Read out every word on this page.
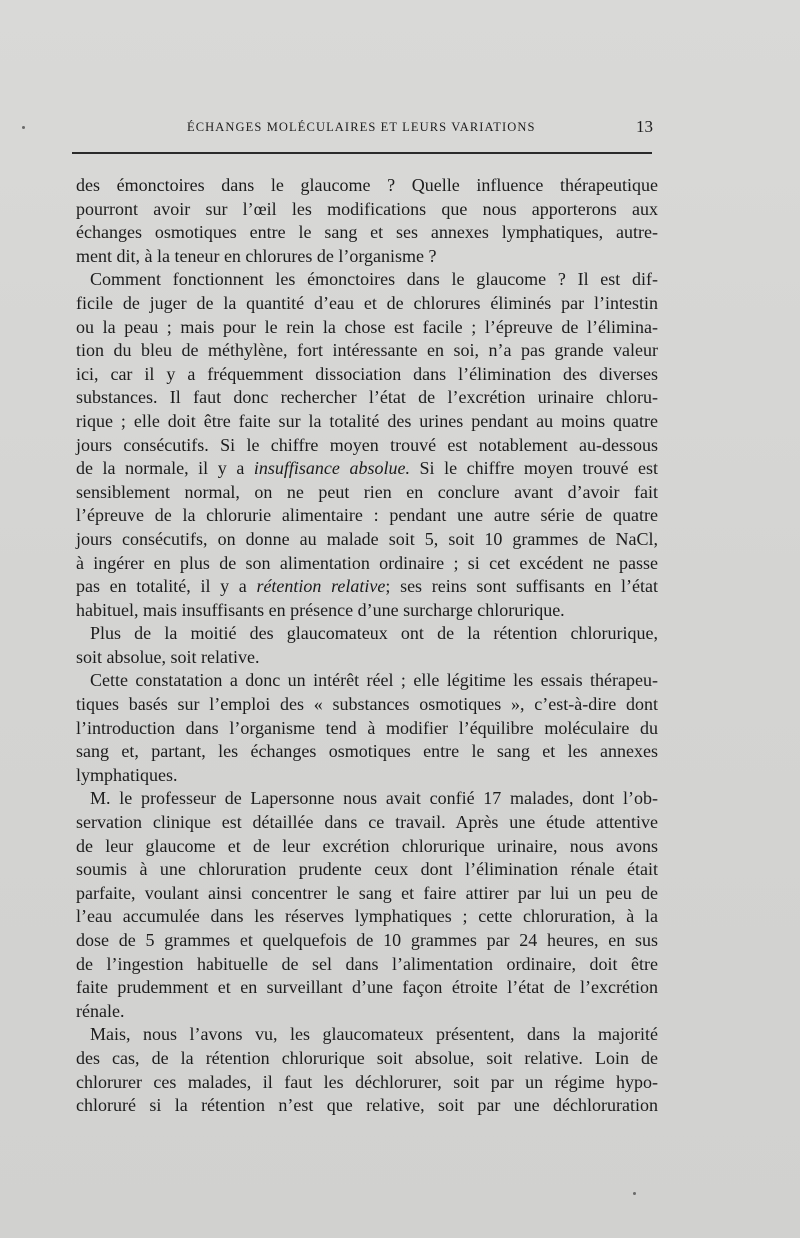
ÉCHANGES MOLÉCULAIRES ET LEURS VARIATIONS	13
des émonctoires dans le glaucome ? Quelle influence thérapeutique
pourront avoir sur l’œil les modifications que nous apporterons aux
échanges osmotiques entre le sang et ses annexes lymphatiques, autre-
ment dit, à la teneur en chlorures de l’organisme ?
Comment fonctionnent les émonctoires dans le glaucome ? Il est dif-
ficile de juger de la quantité d’eau et de chlorures éliminés par l’intestin
ou la peau ; mais pour le rein la chose est facile ; l’épreuve de l’élimina-
tion du bleu de méthylène, fort intéressante en soi, n’a pas grande valeur
ici, car il y a fréquemment dissociation dans l’élimination des diverses
substances. Il faut donc rechercher l’état de l’excrétion urinaire chloru-
rique ; elle doit être faite sur la totalité des urines pendant au moins quatre
jours consécutifs. Si le chiffre moyen trouvé est notablement au-dessous
de la normale, il y a insuffisance absolue. Si le chiffre moyen trouvé est
sensiblement normal, on ne peut rien en conclure avant d’avoir fait
l’épreuve de la chlorurie alimentaire : pendant une autre série de quatre
jours consécutifs, on donne au malade soit 5, soit 10 grammes de NaCl,
à ingérer en plus de son alimentation ordinaire ; si cet excédent ne passe
pas en totalité, il y a rétention relative; ses reins sont suffisants en l’état
habituel, mais insuffisants en présence d’une surcharge chlorurique.
Plus de la moitié des glaucomateux ont de la rétention chlorurique,
soit absolue, soit relative.
Cette constatation a donc un intérêt réel ; elle légitime les essais thérapeu-
tiques basés sur l’emploi des « substances osmotiques », c’est-à-dire dont
l’introduction dans l’organisme tend à modifier l’équilibre moléculaire du
sang et, partant, les échanges osmotiques entre le sang et les annexes
lymphatiques.
M. le professeur de Lapersonne nous avait confié 17 malades, dont l’ob-
servation clinique est détaillée dans ce travail. Après une étude attentive
de leur glaucome et de leur excrétion chlorurique urinaire, nous avons
soumis à une chloruration prudente ceux dont l’élimination rénale était
parfaite, voulant ainsi concentrer le sang et faire attirer par lui un peu de
l’eau accumulée dans les réserves lymphatiques ; cette chloruration, à la
dose de 5 grammes et quelquefois de 10 grammes par 24 heures, en sus
de l’ingestion habituelle de sel dans l’alimentation ordinaire, doit être
faite prudemment et en surveillant d’une façon étroite l’état de l’excrétion
rénale.
Mais, nous l’avons vu, les glaucomateux présentent, dans la majorité
des cas, de la rétention chlorurique soit absolue, soit relative. Loin de
chlorurer ces malades, il faut les déchlorurer, soit par un régime hypo-
chloruré si la rétention n’est que relative, soit par une déchloruration
